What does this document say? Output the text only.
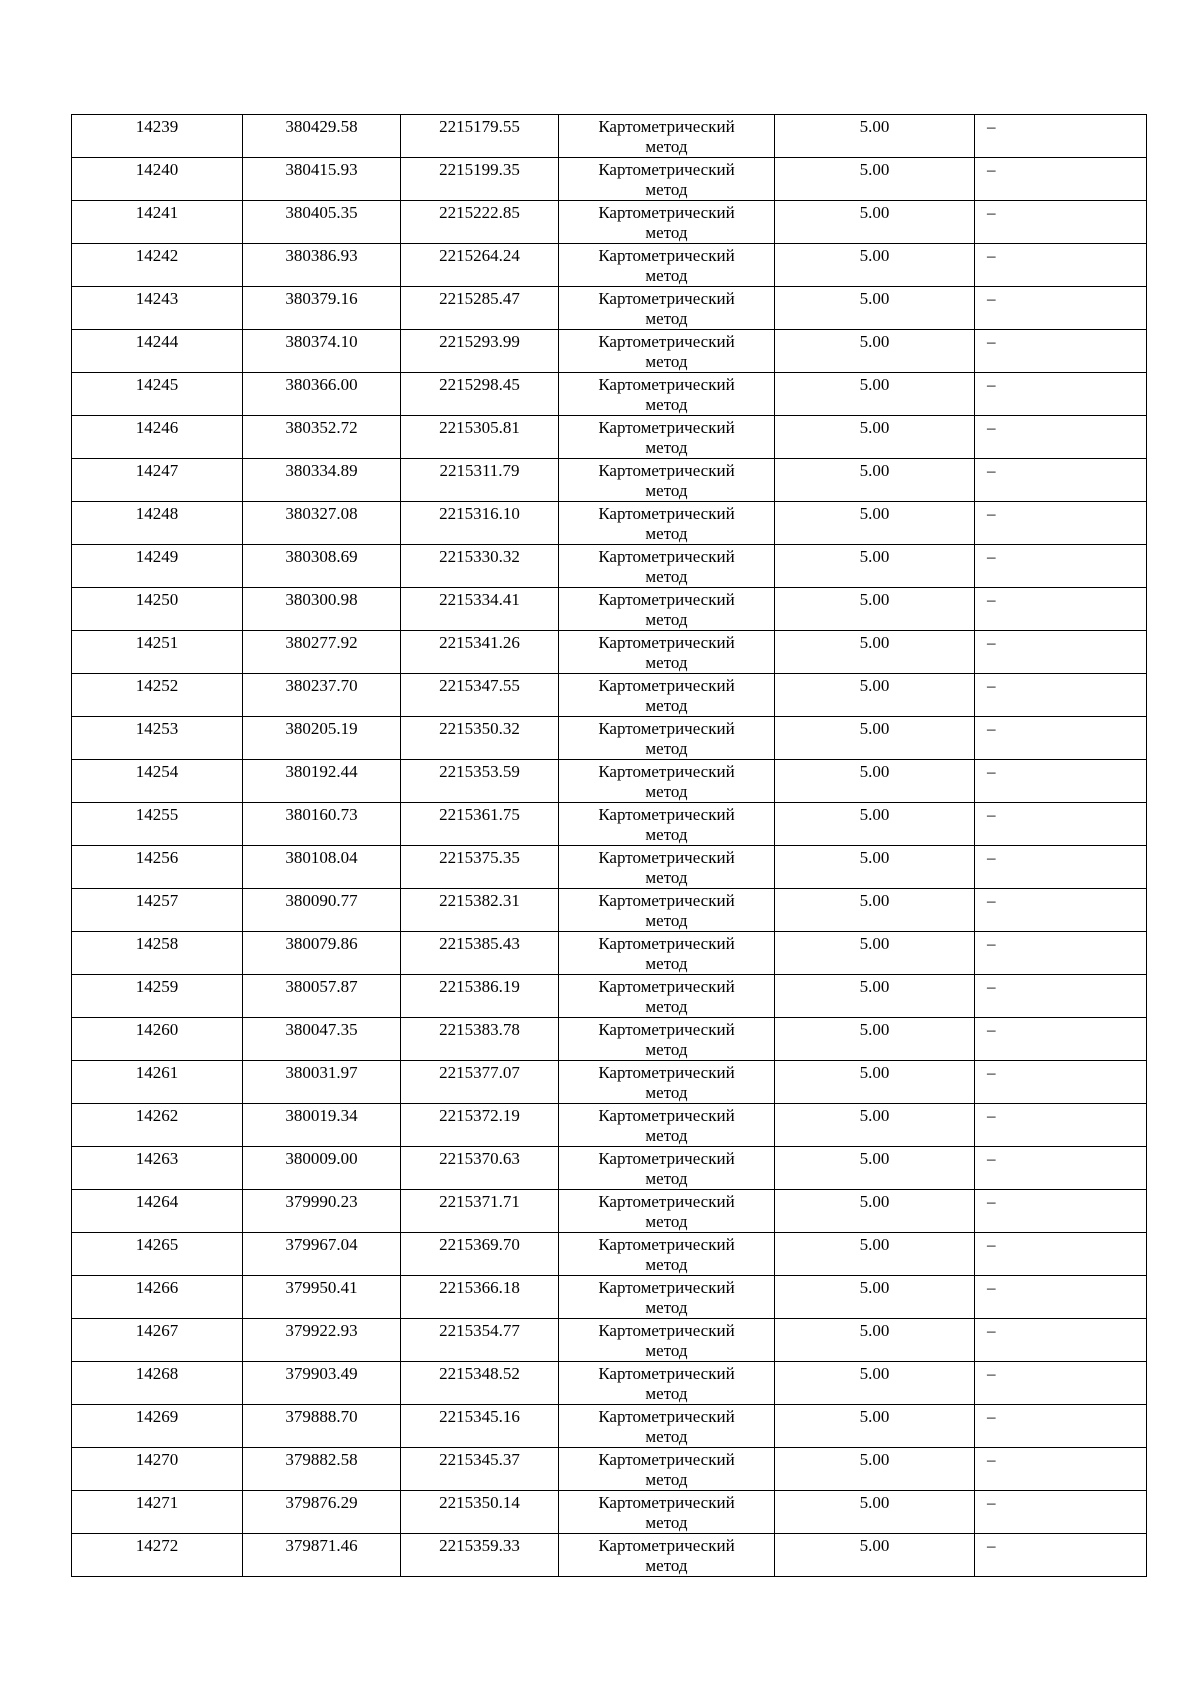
14239	380429.58	2215179.55	Картометрический
метод	5.00	–

14240	380415.93	2215199.35	Картометрический
метод	5.00	–

14241	380405.35	2215222.85	Картометрический
метод	5.00	–

14242	380386.93	2215264.24	Картометрический
метод	5.00	–

14243	380379.16	2215285.47	Картометрический
метод	5.00	–

14244	380374.10	2215293.99	Картометрический
метод	5.00	–

14245	380366.00	2215298.45	Картометрический
метод	5.00	–

14246	380352.72	2215305.81	Картометрический
метод	5.00	–

14247	380334.89	2215311.79	Картометрический
метод	5.00	–

14248	380327.08	2215316.10	Картометрический
метод	5.00	–

14249	380308.69	2215330.32	Картометрический
метод	5.00	–

14250	380300.98	2215334.41	Картометрический
метод	5.00	–

14251	380277.92	2215341.26	Картометрический
метод	5.00	–

14252	380237.70	2215347.55	Картометрический
метод	5.00	–

14253	380205.19	2215350.32	Картометрический
метод	5.00	–

14254	380192.44	2215353.59	Картометрический
метод	5.00	–

14255	380160.73	2215361.75	Картометрический
метод	5.00	–

14256	380108.04	2215375.35	Картометрический
метод	5.00	–

14257	380090.77	2215382.31	Картометрический
метод	5.00	–

14258	380079.86	2215385.43	Картометрический
метод	5.00	–

14259	380057.87	2215386.19	Картометрический
метод	5.00	–

14260	380047.35	2215383.78	Картометрический
метод	5.00	–

14261	380031.97	2215377.07	Картометрический
метод	5.00	–

14262	380019.34	2215372.19	Картометрический
метод	5.00	–

14263	380009.00	2215370.63	Картометрический
метод	5.00	–

14264	379990.23	2215371.71	Картометрический
метод	5.00	–

14265	379967.04	2215369.70	Картометрический
метод	5.00	–

14266	379950.41	2215366.18	Картометрический
метод	5.00	–

14267	379922.93	2215354.77	Картометрический
метод	5.00	–

14268	379903.49	2215348.52	Картометрический
метод	5.00	–

14269	379888.70	2215345.16	Картометрический
метод	5.00	–

14270	379882.58	2215345.37	Картометрический
метод	5.00	–

14271	379876.29	2215350.14	Картометрический
метод	5.00	–

14272	379871.46	2215359.33	Картометрический
метод	5.00	–
